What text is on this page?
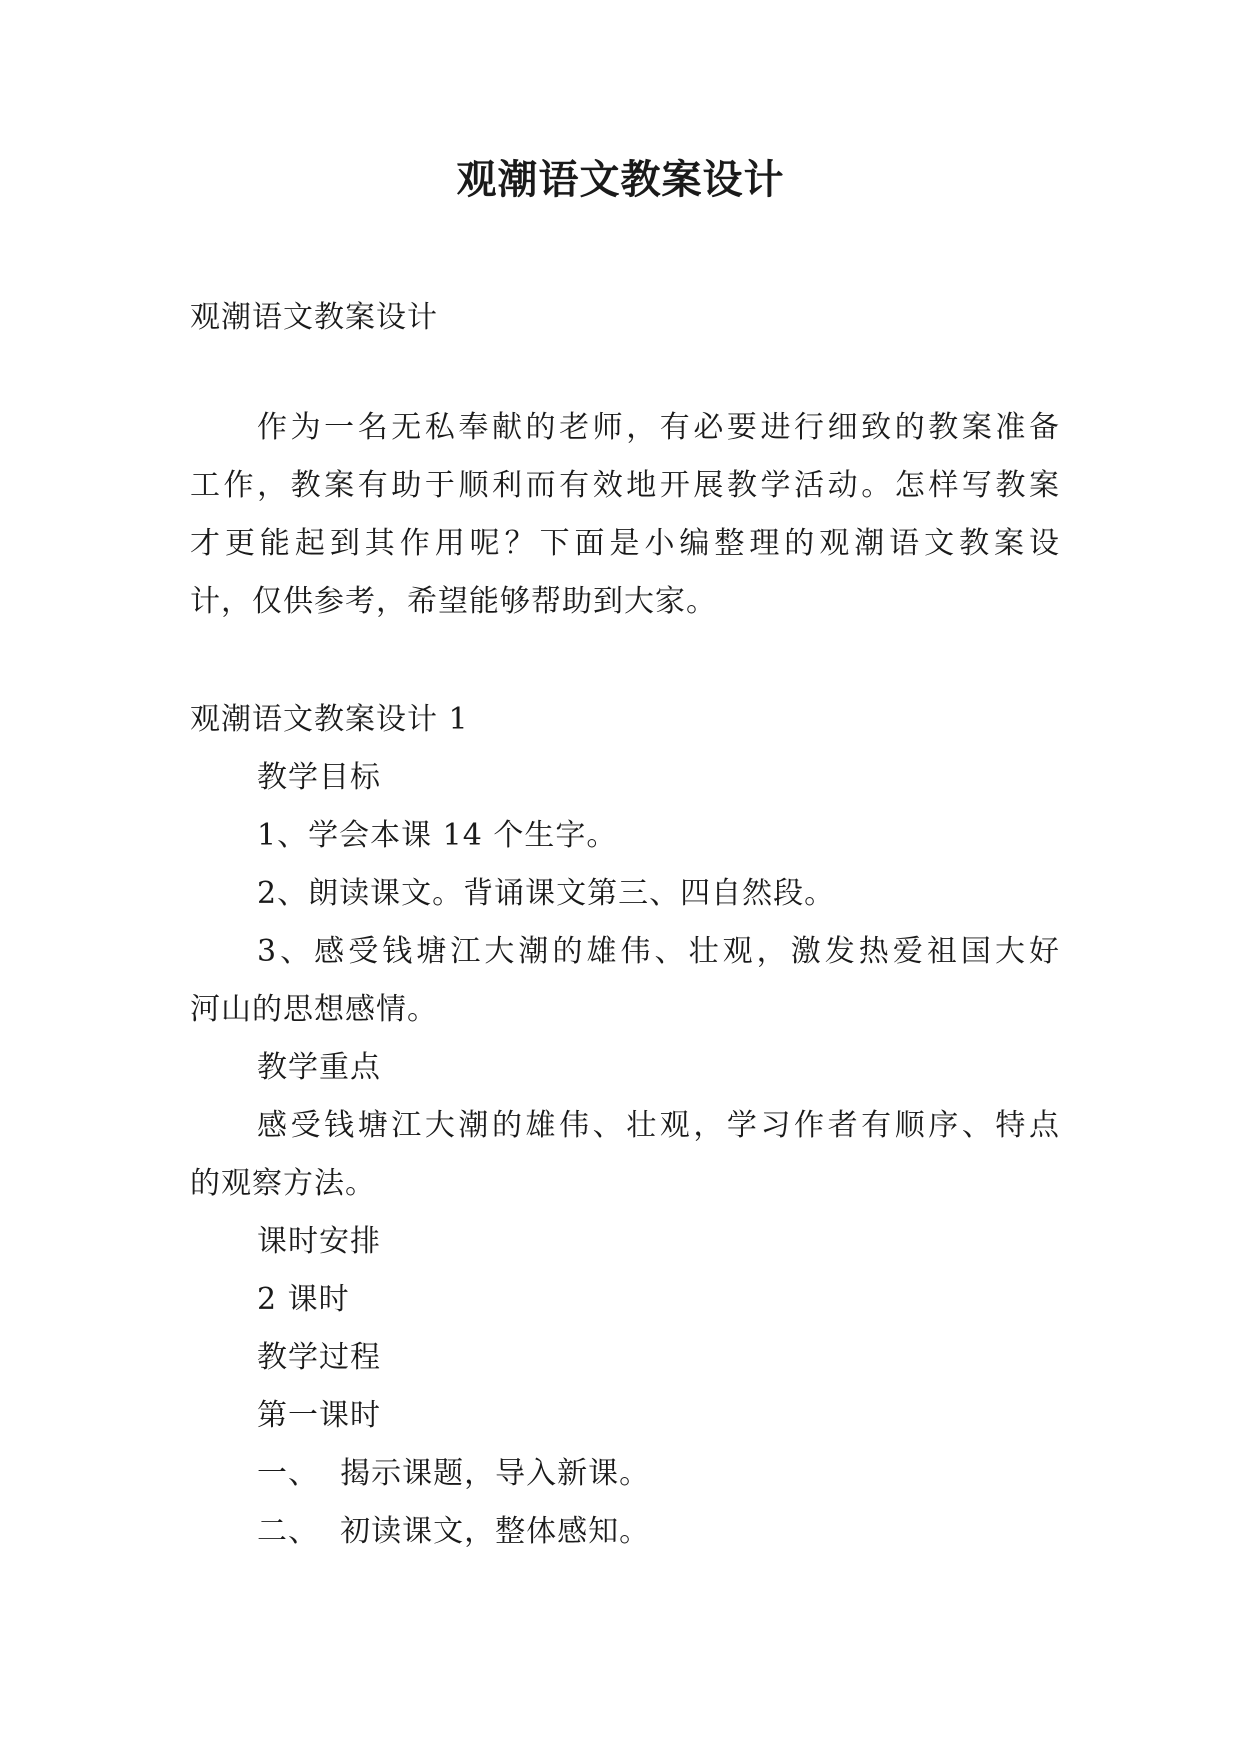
观潮语文教案设计
观潮语文教案设计
作为一名无私奉献的老师，有必要进行细致的教案准备
工作，教案有助于顺利而有效地开展教学活动。怎样写教案
才更能起到其作用呢？下面是小编整理的观潮语文教案设
计，仅供参考，希望能够帮助到大家。
观潮语文教案设计 1
教学目标
1、学会本课 14 个生字。
2、朗读课文。背诵课文第三、四自然段。
3、感受钱塘江大潮的雄伟、壮观，激发热爱祖国大好
河山的思想感情。
教学重点
感受钱塘江大潮的雄伟、壮观，学习作者有顺序、特点
的观察方法。
课时安排
2 课时
教学过程
第一课时
一、  揭示课题，导入新课。
二、  初读课文，整体感知。
